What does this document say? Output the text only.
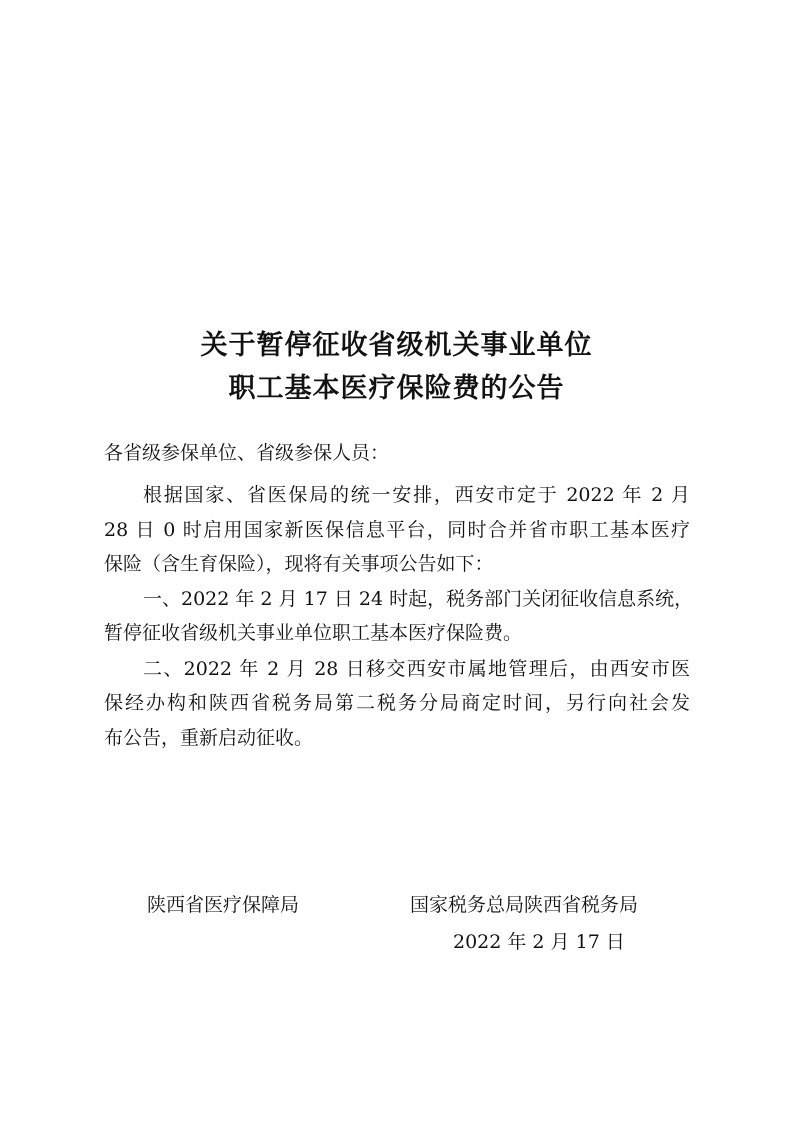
关于暂停征收省级机关事业单位
职工基本医疗保险费的公告
各省级参保单位、省级参保人员：
根据国家、省医保局的统一安排，西安市定于 2022 年 2 月
28 日 0 时启用国家新医保信息平台，同时合并省市职工基本医疗
保险（含生育保险），现将有关事项公告如下：
一、2022 年 2 月 17 日 24 时起，税务部门关闭征收信息系统，
暂停征收省级机关事业单位职工基本医疗保险费。
二、2022 年 2 月 28 日移交西安市属地管理后，由西安市医
保经办构和陕西省税务局第二税务分局商定时间，另行向社会发
布公告，重新启动征收。
陕西省医疗保障局	国家税务总局陕西省税务局
2022 年 2 月 17 日
